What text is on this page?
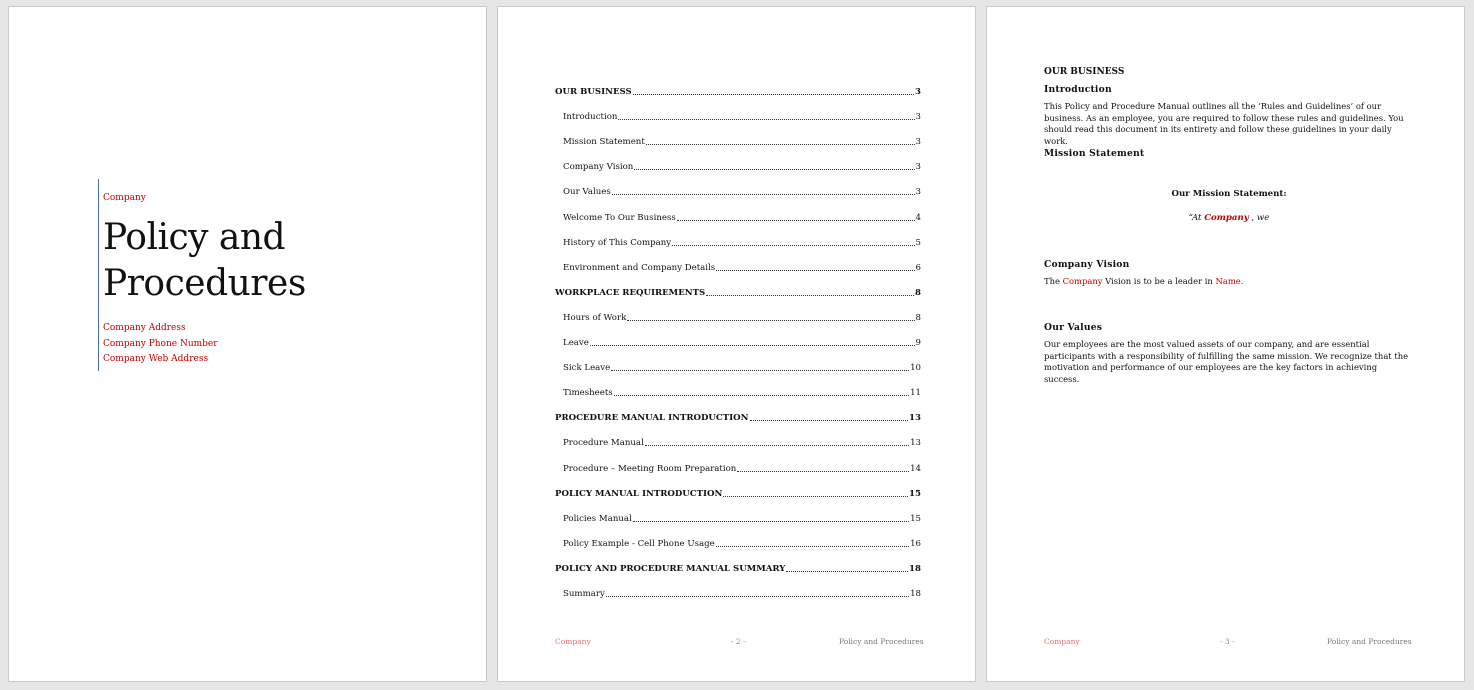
Company
Policy and
Procedures
Company Address
Company Phone Number
Company Web Address
OUR BUSINESS	3
Introduction	3
Mission Statement	3
Company Vision	3
Our Values	3
Welcome To Our Business	4
History of This Company	5
Environment and Company Details	6
WORKPLACE REQUIREMENTS	8
Hours of Work	8
Leave	9
Sick Leave	10
Timesheets	11
PROCEDURE MANUAL INTRODUCTION	13
Procedure Manual	13
Procedure – Meeting Room Preparation	14
POLICY MANUAL INTRODUCTION	15
Policies Manual	15
Policy Example - Cell Phone Usage	16
POLICY AND PROCEDURE MANUAL SUMMARY	18
Summary	18
Company	- 2 -	Policy and Procedures
OUR BUSINESS
Introduction
This Policy and Procedure Manual outlines all the ‘Rules and Guidelines’ of our business. As an employee, you are required to follow these rules and guidelines. You should read this document in its entirety and follow these guidelines in your daily work.
Mission Statement
Our Mission Statement:
“At Company , we
Company Vision
The Company Vision is to be a leader in Name.
Our Values
Our employees are the most valued assets of our company, and are essential participants with a responsibility of fulfilling the same mission. We recognize that the motivation and performance of our employees are the key factors in achieving success.
Company	- 3 -	Policy and Procedures
